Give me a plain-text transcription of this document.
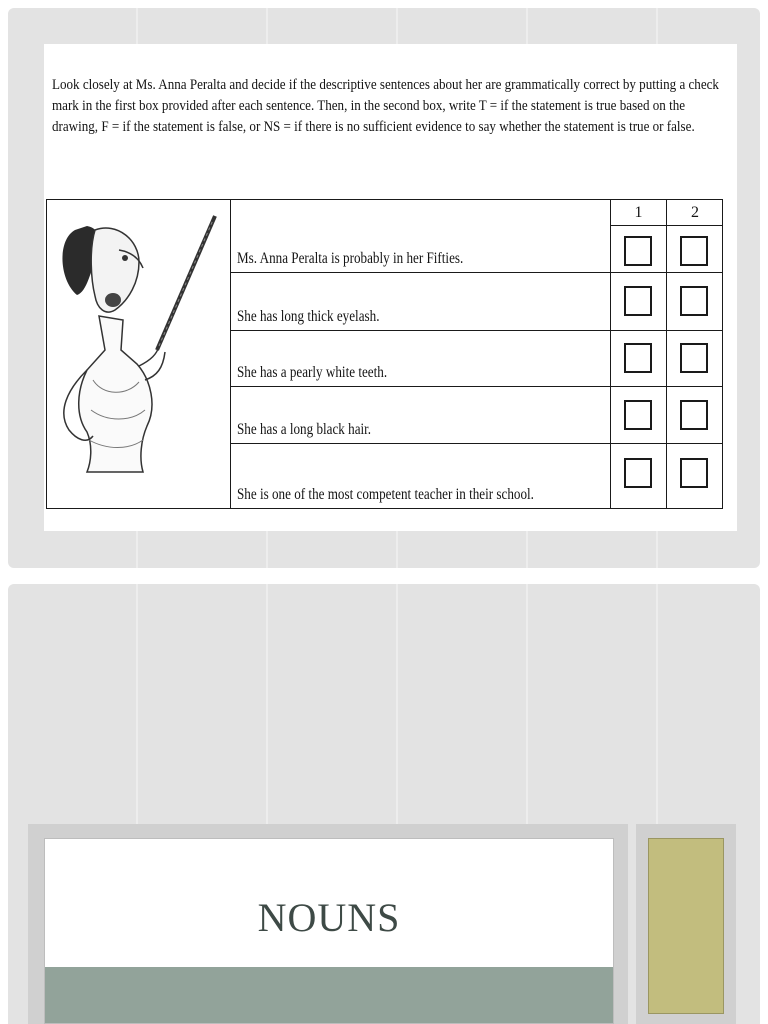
Look closely at Ms. Anna Peralta and decide if the descriptive sentences about her are grammatically correct by putting a check mark in the first box provided after each sentence. Then, in the second box, write T = if the statement is true based on the drawing, F = if the statement is false, or NS = if there is no sufficient evidence to say whether the statement is true or false.
Ms. Anna Peralta is probably in her Fifties.
She has long thick eyelash.
She has a pearly white teeth.
She has a long black hair.
She is one of the most competent teacher in their school.
1	2
NOUNS
